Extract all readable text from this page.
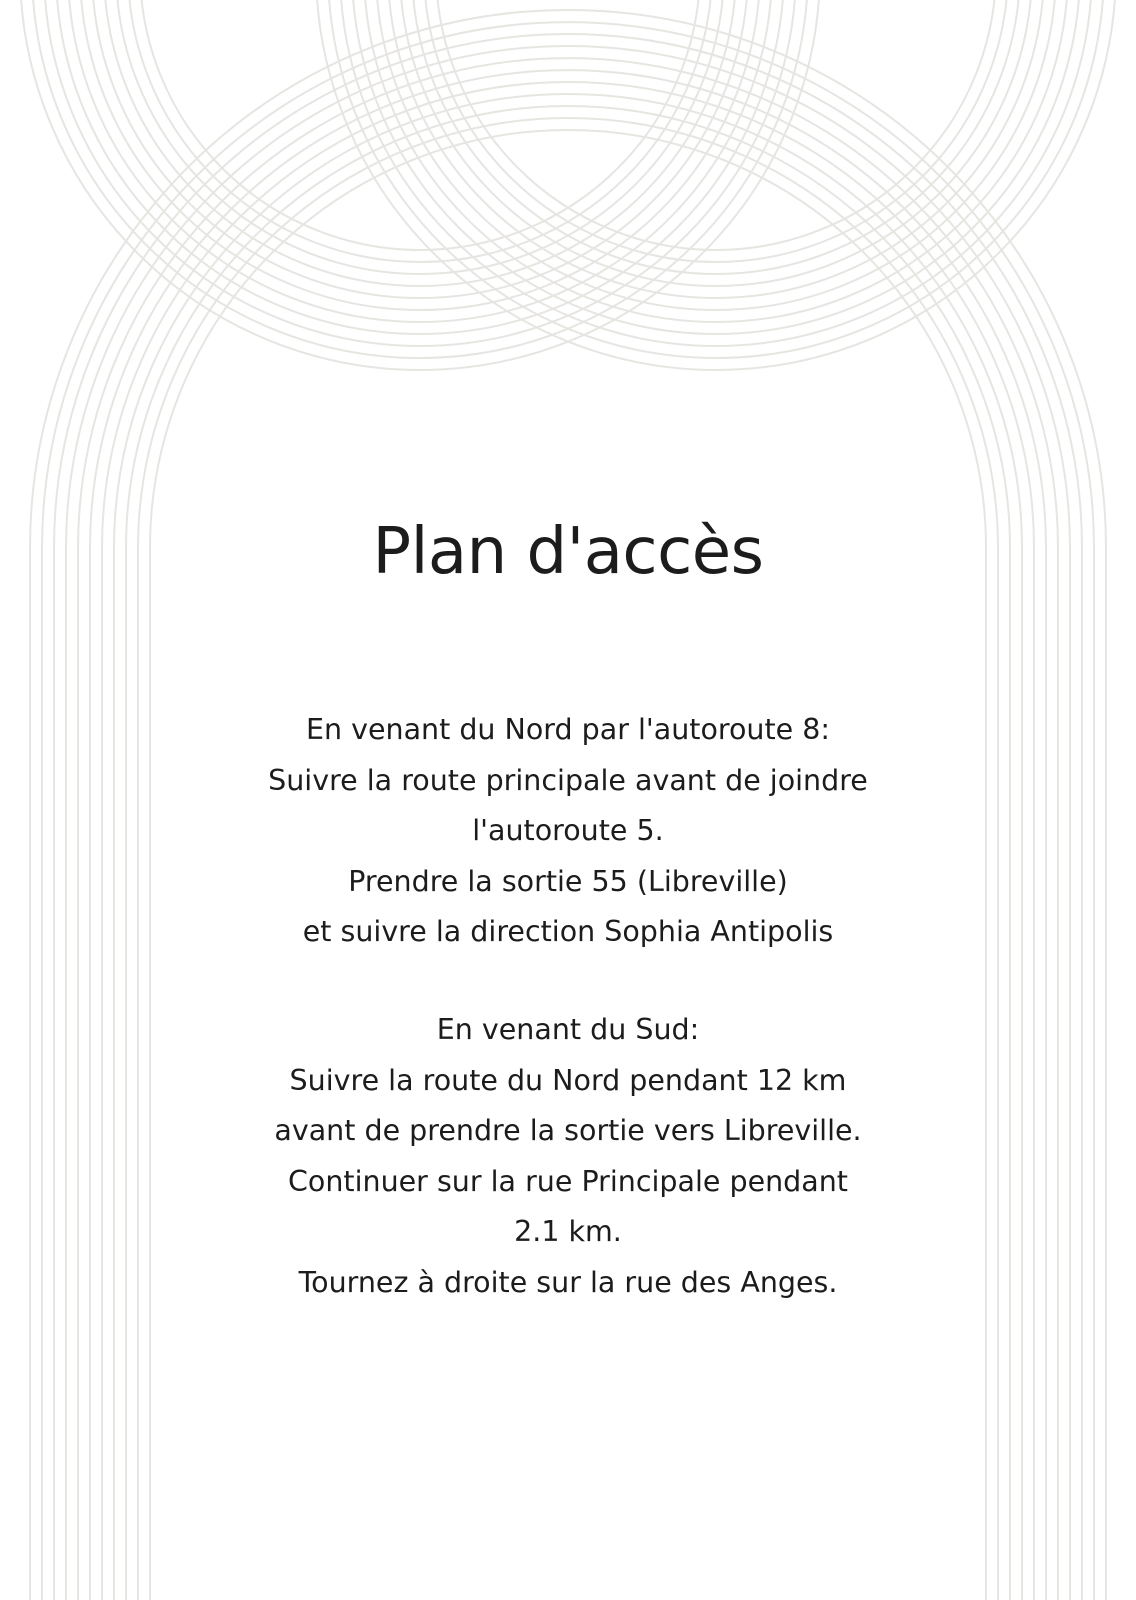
Plan d'accès
En venant du Nord par l'autoroute 8:
Suivre la route principale avant de joindre
l'autoroute 5.
Prendre la sortie 55 (Libreville)
et suivre la direction Sophia Antipolis
En venant du Sud:
Suivre la route du Nord pendant 12 km
avant de prendre la sortie vers Libreville.
Continuer sur la rue Principale pendant
2.1 km.
Tournez à droite sur la rue des Anges.
